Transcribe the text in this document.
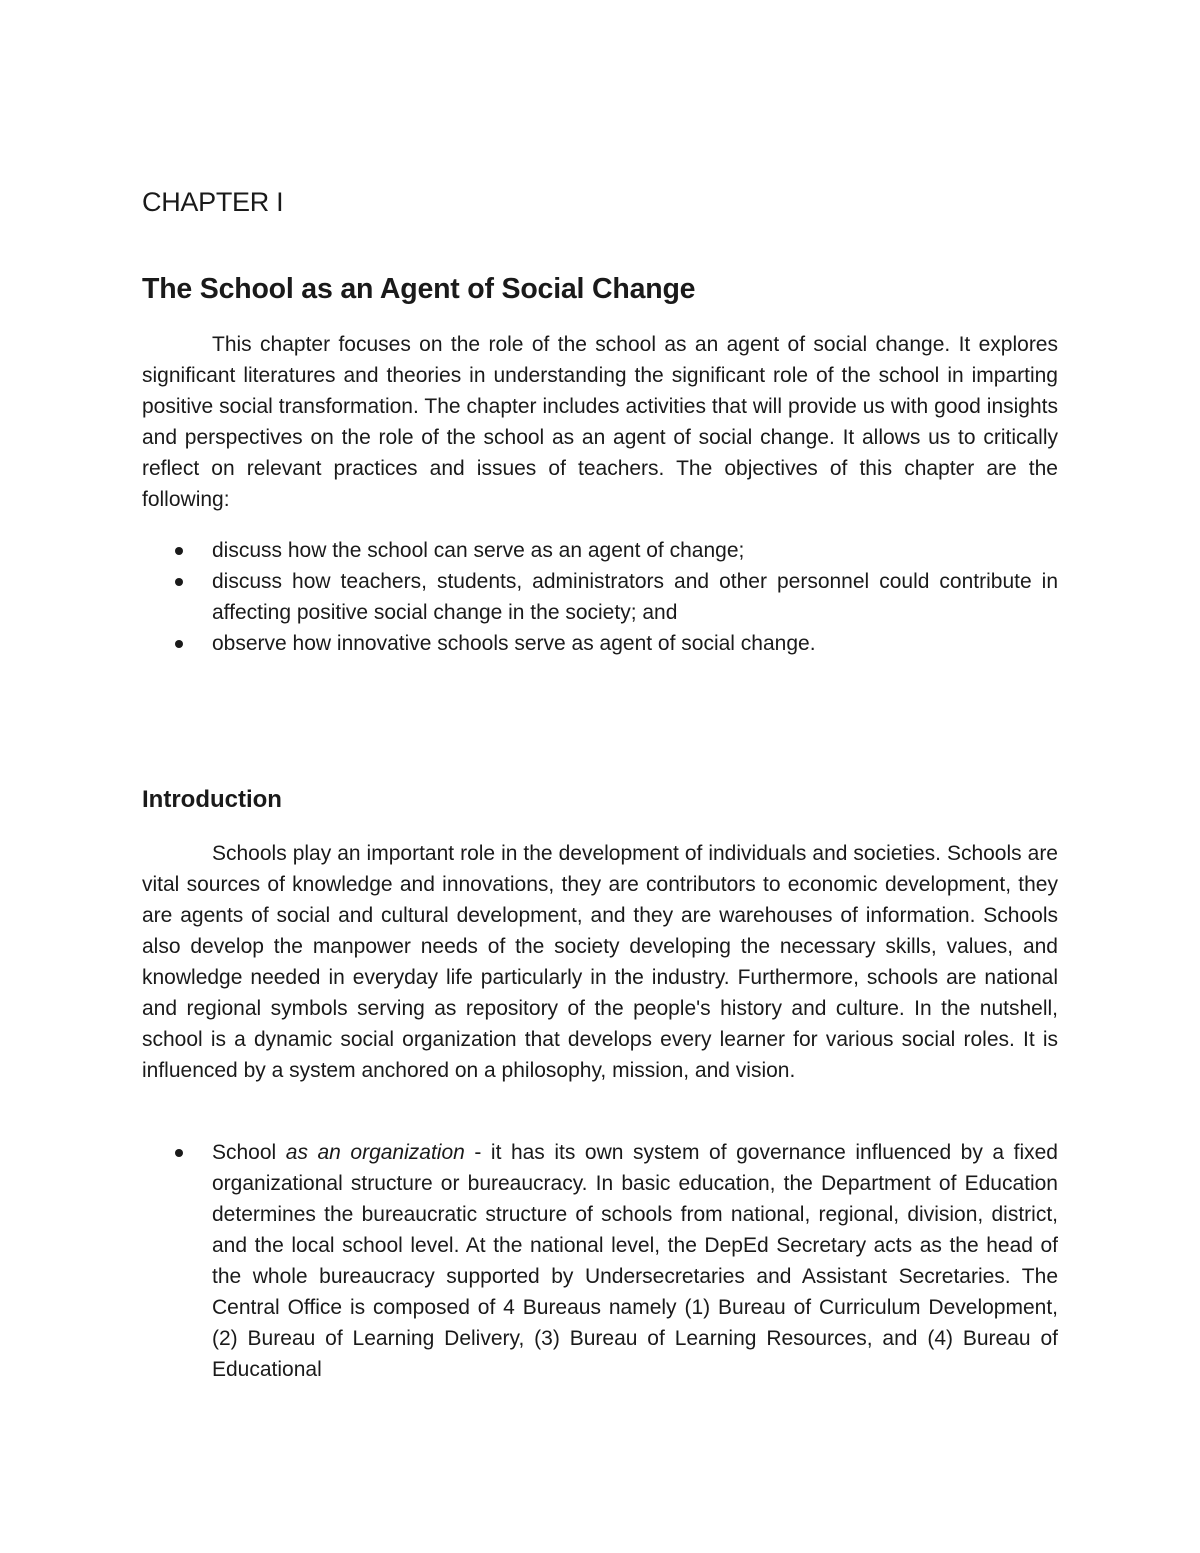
CHAPTER I
The School as an Agent of Social Change

This chapter focuses on the role of the school as an agent of social change. It explores significant literatures and theories in understanding the significant role of the school in imparting positive social transformation. The chapter includes activities that will provide us with good insights and perspectives on the role of the school as an agent of social change. It allows us to critically reflect on relevant practices and issues of teachers. The objectives of this chapter are the following:

discuss how the school can serve as an agent of change;
discuss how teachers, students, administrators and other personnel could contribute in affecting positive social change in the society; and
observe how innovative schools serve as agent of social change.
Introduction

Schools play an important role in the development of individuals and societies. Schools are vital sources of knowledge and innovations, they are contributors to economic development, they are agents of social and cultural development, and they are warehouses of information. Schools also develop the manpower needs of the society developing the necessary skills, values, and knowledge needed in everyday life particularly in the industry. Furthermore, schools are national and regional symbols serving as repository of the people's history and culture. In the nutshell, school is a dynamic social organization that develops every learner for various social roles. It is influenced by a system anchored on a philosophy, mission, and vision.

School as an organization - it has its own system of governance influenced by a fixed organizational structure or bureaucracy. In basic education, the Department of Education determines the bureaucratic structure of schools from national, regional, division, district, and the local school level. At the national level, the DepEd Secretary acts as the head of the whole bureaucracy supported by Undersecretaries and Assistant Secretaries. The Central Office is composed of 4 Bureaus namely (1) Bureau of Curriculum Development, (2) Bureau of Learning Delivery, (3) Bureau of Learning Resources, and (4) Bureau of Educational
